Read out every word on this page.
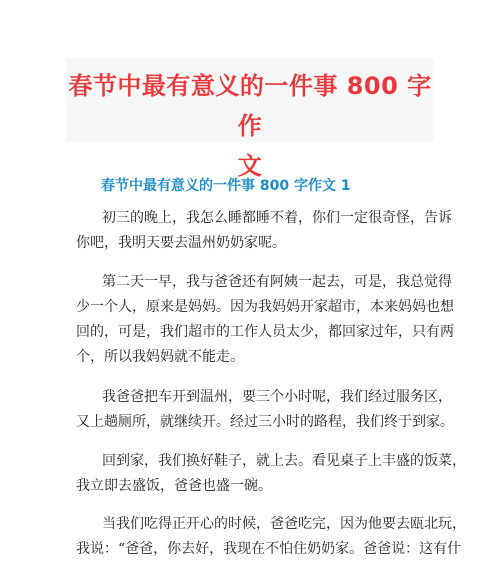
春节中最有意义的一件事 800 字作
文
春节中最有意义的一件事 800 字作文 1
初三的晚上，我怎么睡都睡不着，你们一定很奇怪，告诉
你吧，我明天要去温州奶奶家呢。
第二天一早，我与爸爸还有阿姨一起去，可是，我总觉得
少一个人，原来是妈妈。因为我妈妈开家超市，本来妈妈也想
回的，可是，我们超市的工作人员太少，都回家过年，只有两
个，所以我妈妈就不能走。
我爸爸把车开到温州，要三个小时呢，我们经过服务区，
又上趟厕所，就继续开。经过三小时的路程，我们终于到家。
回到家，我们换好鞋子，就上去。看见桌子上丰盛的饭菜，
我立即去盛饭，爸爸也盛一碗。
当我们吃得正开心的时候，爸爸吃完，因为他要去瓯北玩，
我说：“爸爸，你去好，我现在不怕住奶奶家。爸爸说：这有什
